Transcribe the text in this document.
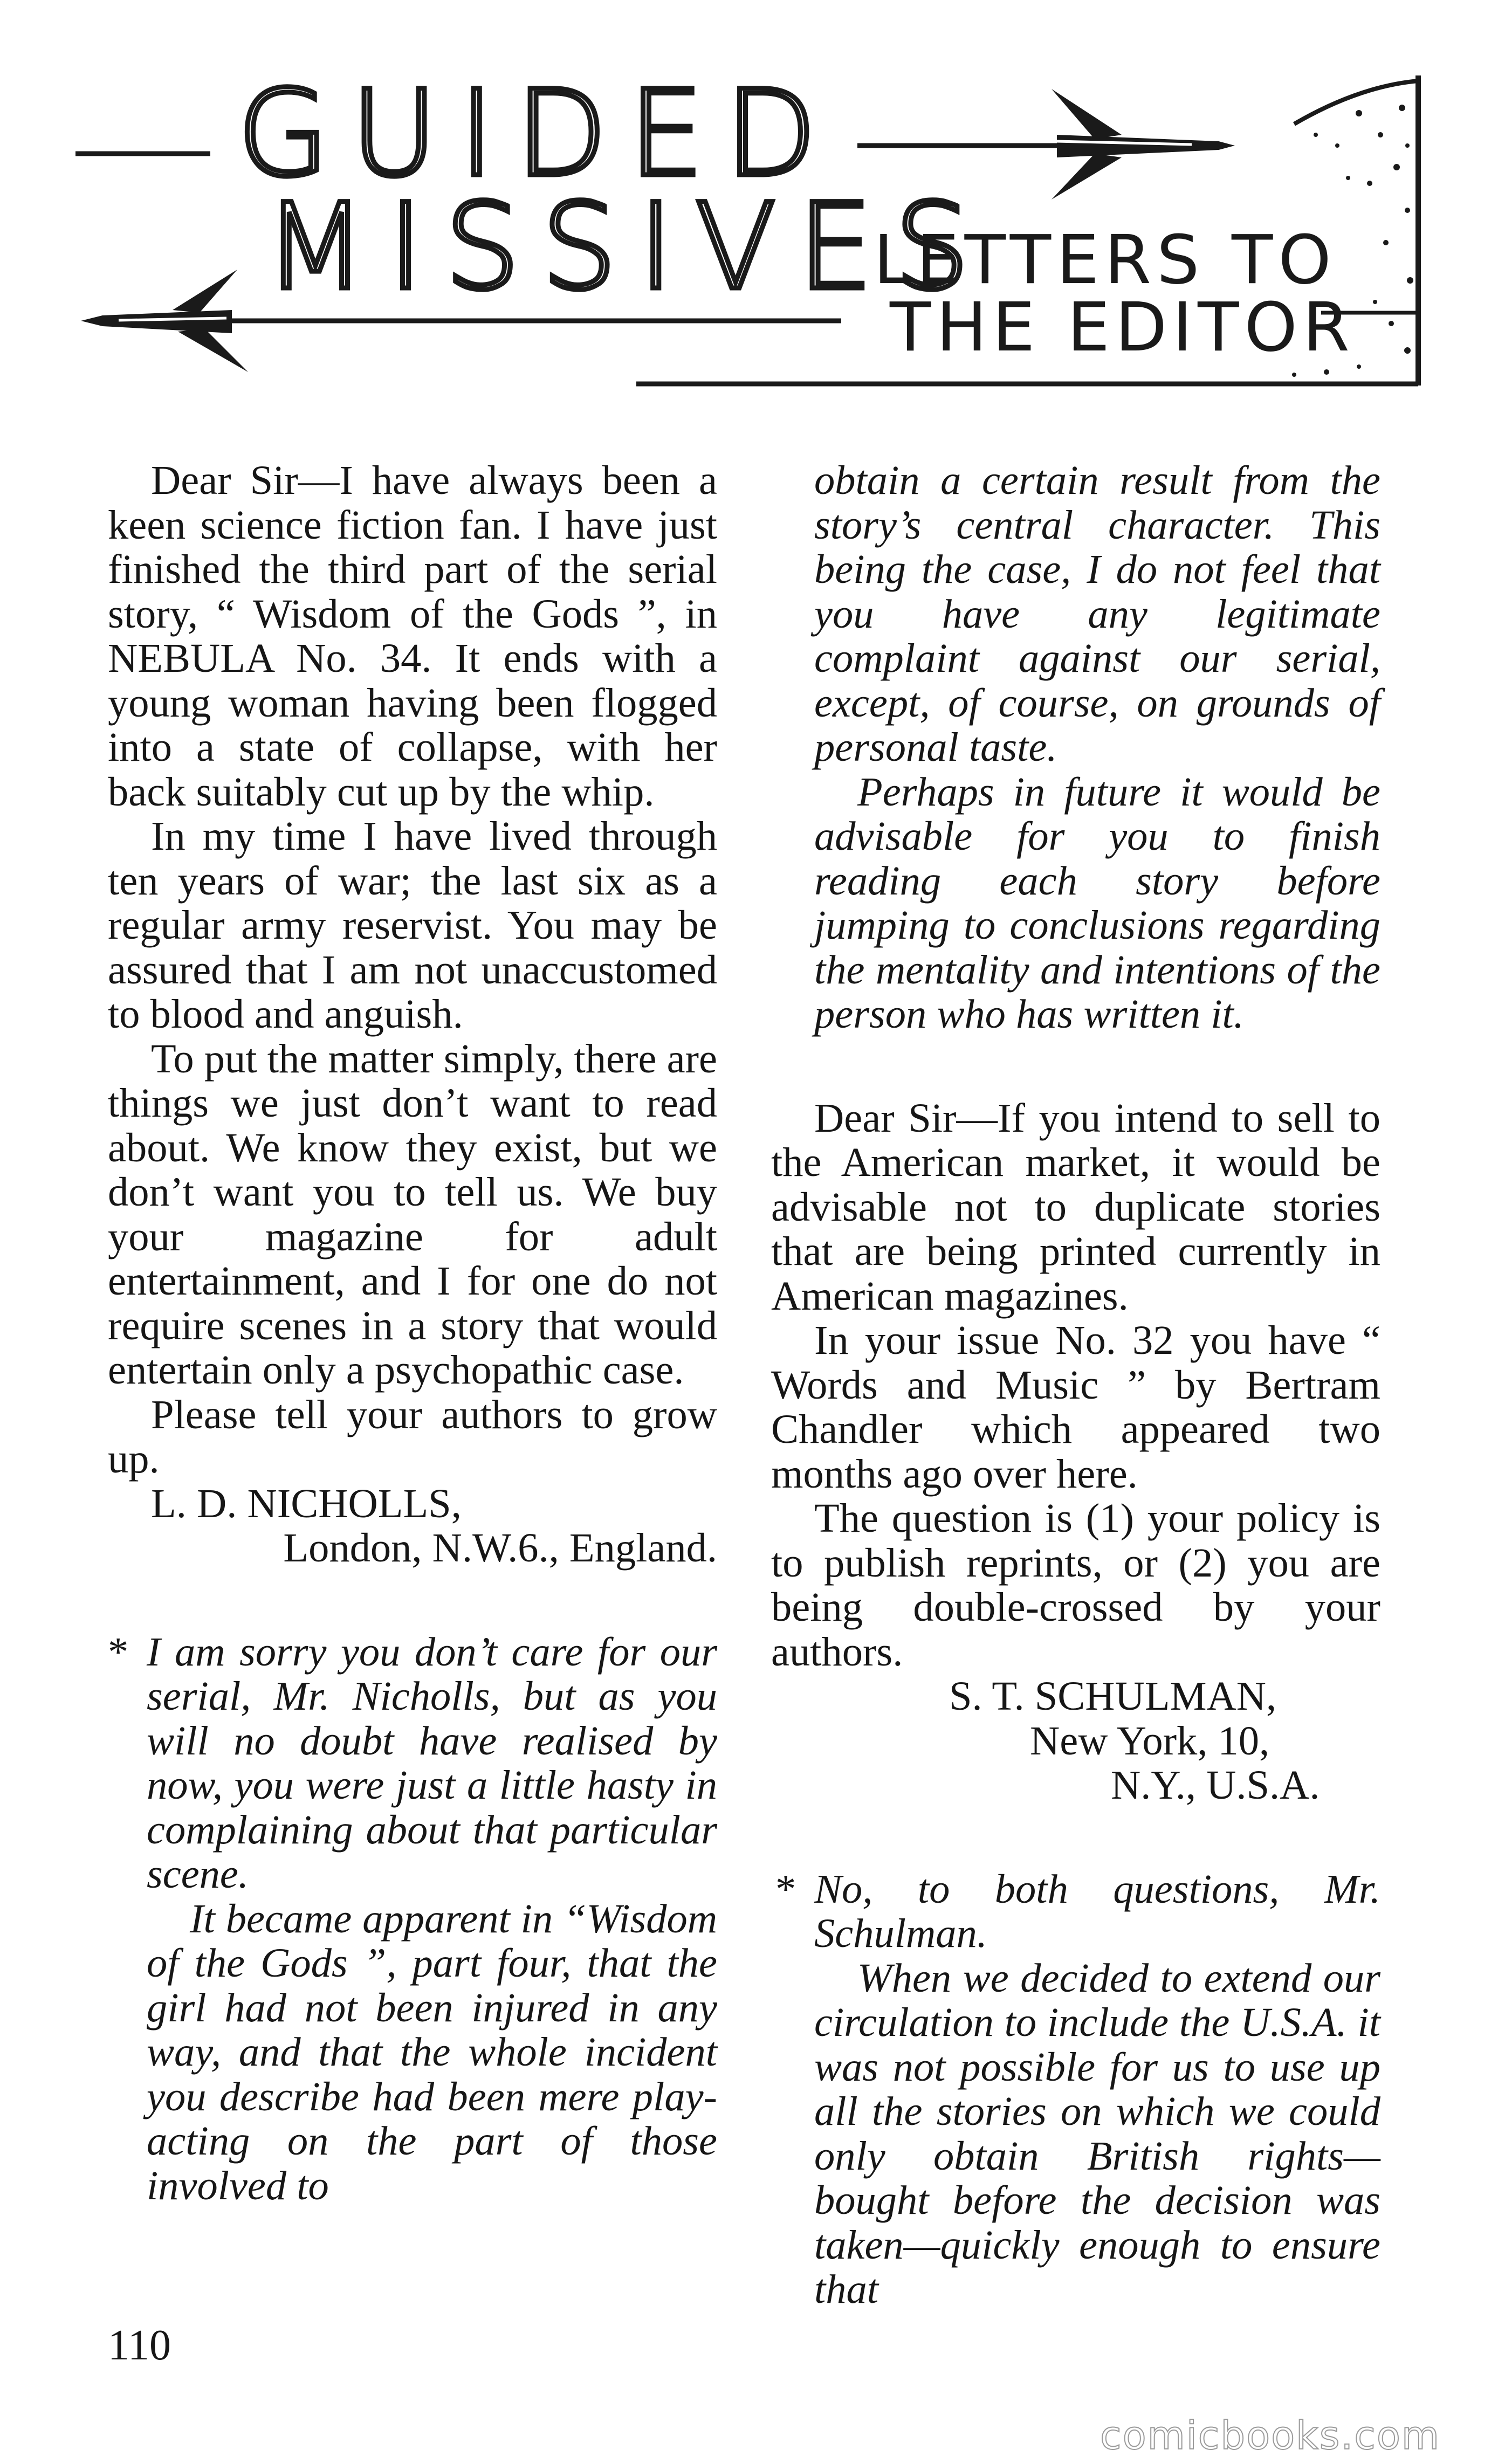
GUIDED
MISSIVES
LETTERS TO
THE EDITOR

Dear Sir—I have always been a keen science fiction fan. I have just finished the third part of the serial story, “ Wisdom of the Gods ”, in NEBULA No. 34. It ends with a young woman having been flogged into a state of collapse, with her back suitably cut up by the whip.

In my time I have lived through ten years of war; the last six as a regular army reservist. You may be assured that I am not unaccustomed to blood and anguish.

To put the matter simply, there are things we just don’t want to read about. We know they exist, but we don’t want you to tell us. We buy your magazine for adult entertainment, and I for one do not require scenes in a story that would entertain only a psychopathic case.

Please tell your authors to grow up.

L. D. NICHOLLS,

London, N.W.6., England.

* I am sorry you don’t care for our serial, Mr. Nicholls, but as you will no doubt have realised by now, you were just a little hasty in complaining about that particular scene.

It became apparent in “Wisdom of the Gods ”, part four, that the girl had not been injured in any way, and that the whole incident you describe had been mere play-acting on the part of those involved to

obtain a certain result from the story’s central character. This being the case, I do not feel that you have any legitimate complaint against our serial, except, of course, on grounds of personal taste.

Perhaps in future it would be advisable for you to finish reading each story before jumping to conclusions regarding the mentality and intentions of the person who has written it.

Dear Sir—If you intend to sell to the American market, it would be advisable not to duplicate stories that are being printed currently in American magazines.

In your issue No. 32 you have “ Words and Music ” by Bertram Chandler which appeared two months ago over here.

The question is (1) your policy is to publish reprints, or (2) you are being double-crossed by your authors.

S. T. SCHULMAN,

New York, 10,

N.Y., U.S.A.

* No, to both questions, Mr. Schulman.

When we decided to extend our circulation to include the U.S.A. it was not possible for us to use up all the stories on which we could only obtain British rights—bought before the decision was taken—quickly enough to ensure that

110
comicbooks.com
